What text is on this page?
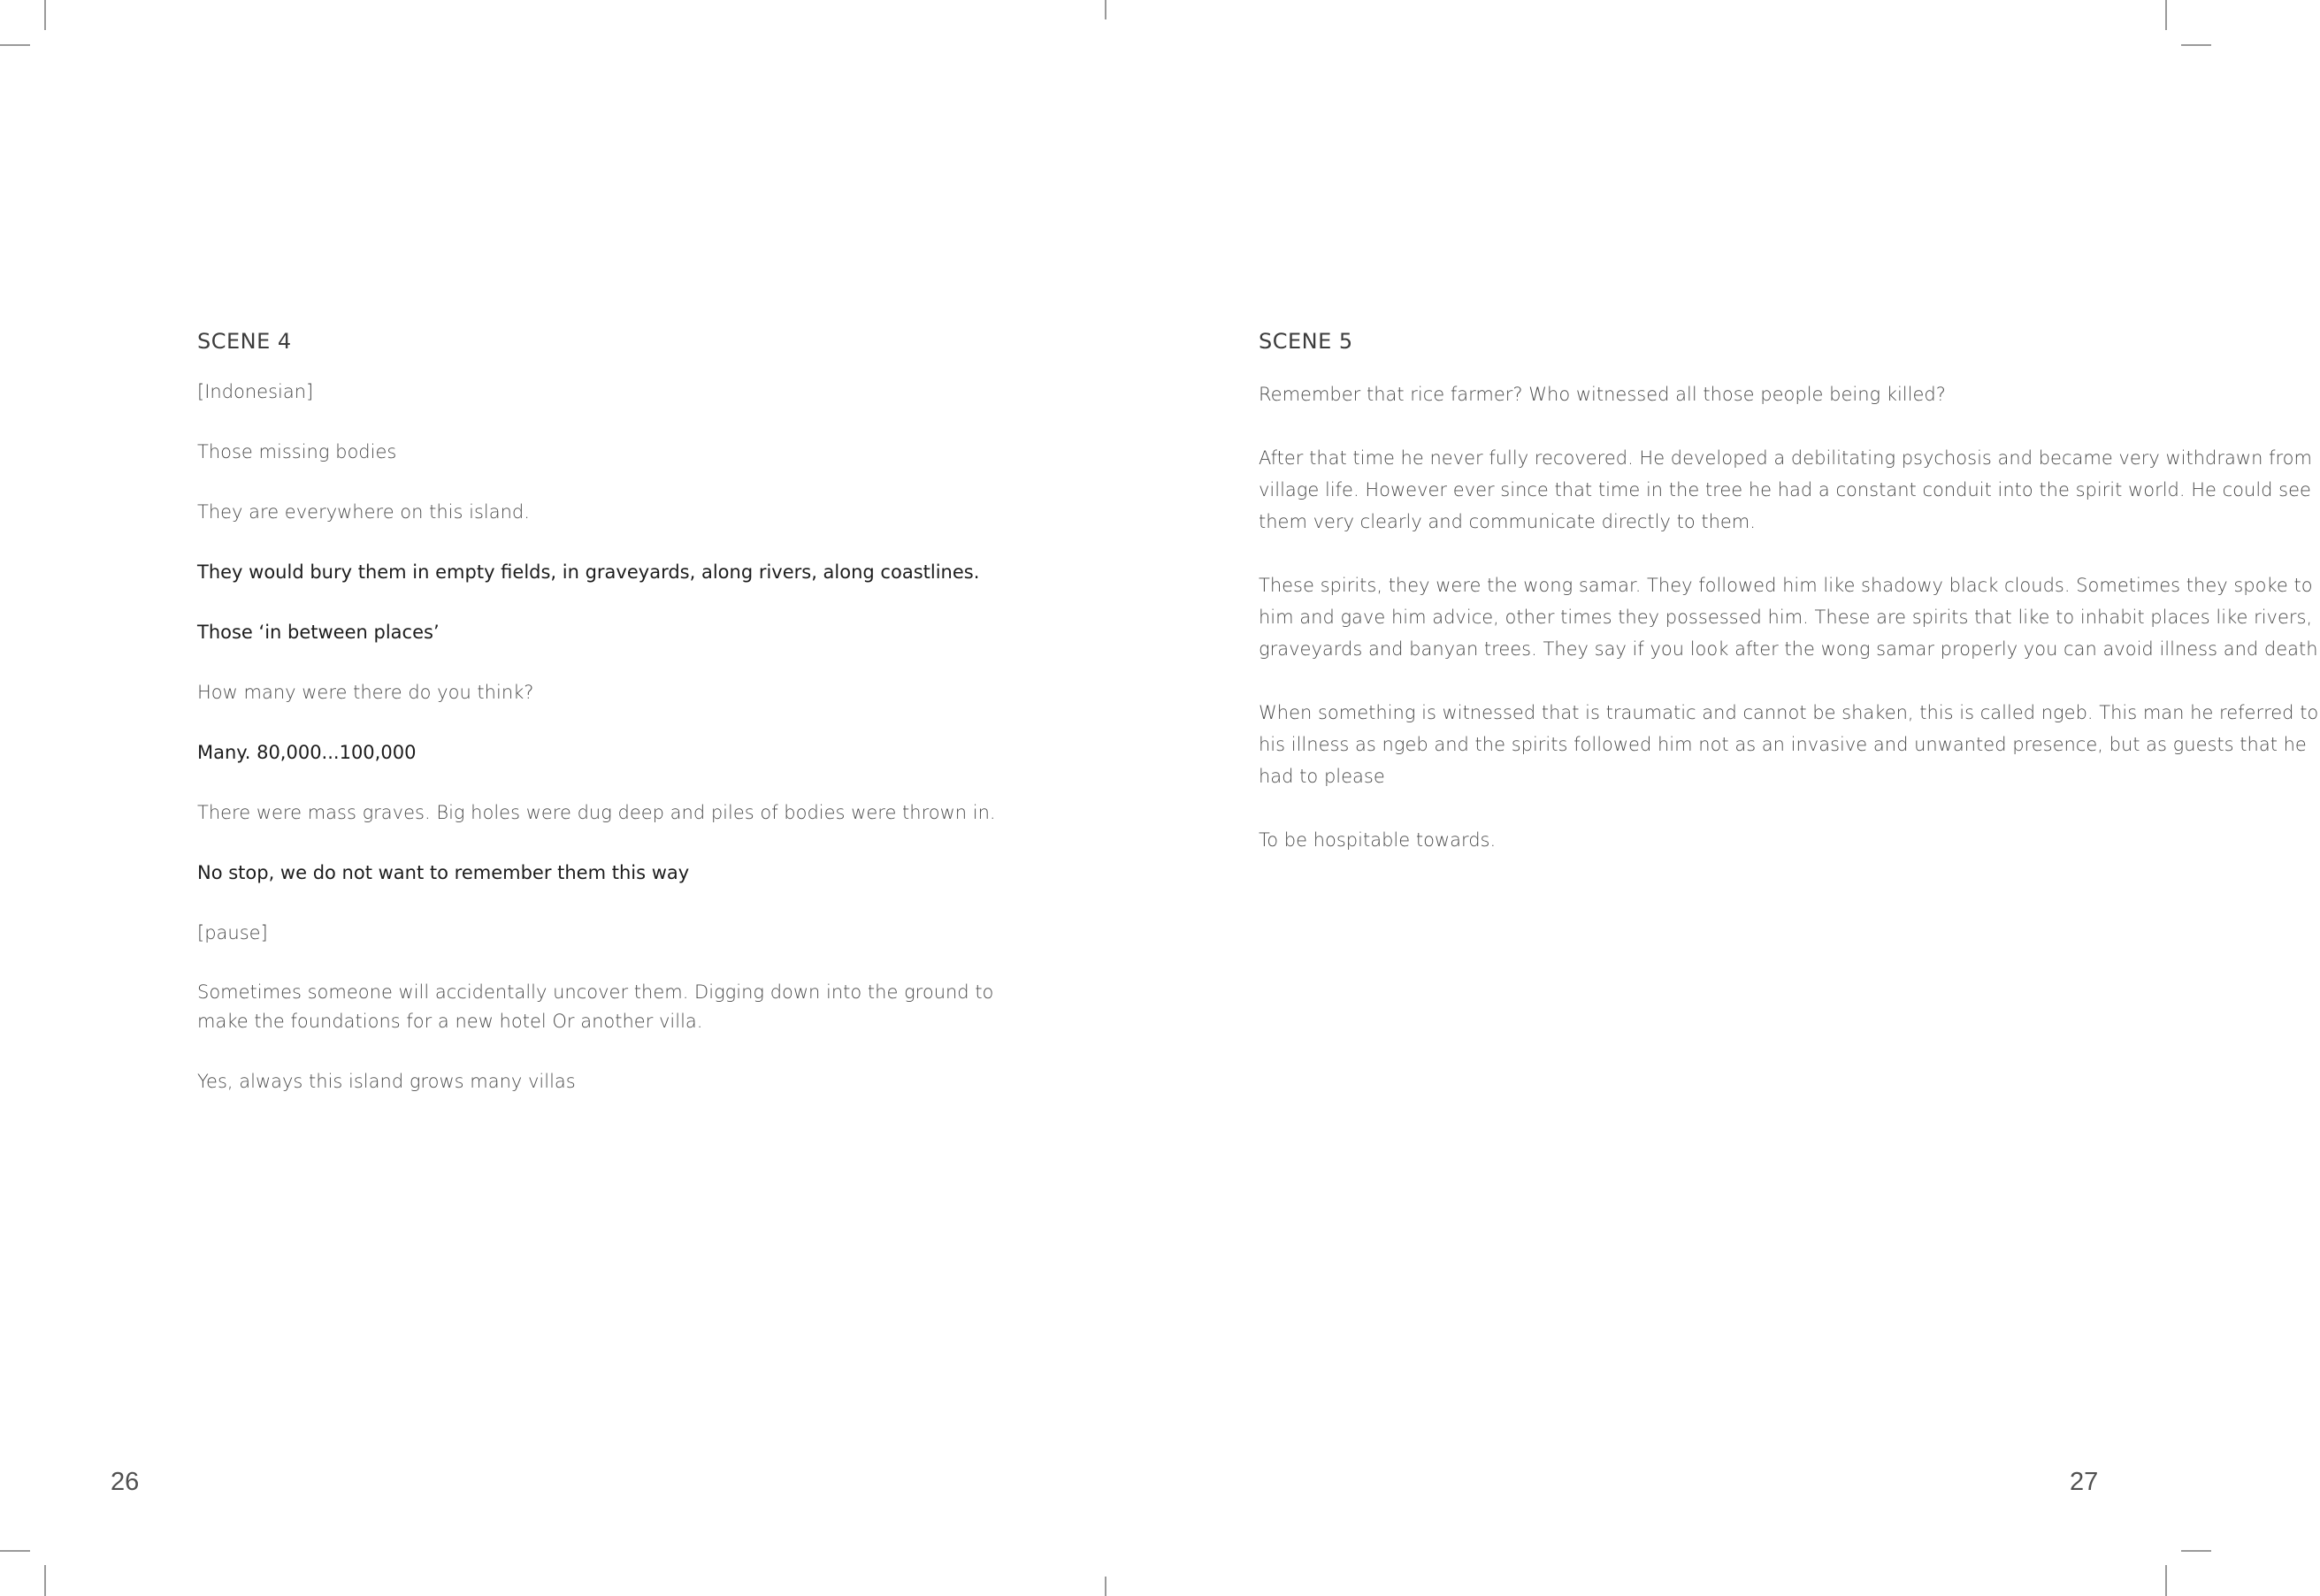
SCENE 4

[Indonesian]

Those missing bodies

They are everywhere on this island.

They would bury them in empty fields, in graveyards, along rivers, along coastlines.

Those ‘in between places’

How many were there do you think?

Many. 80,000...100,000

There were mass graves. Big holes were dug deep and piles of bodies were thrown in.

No stop, we do not want to remember them this way

[pause]

Sometimes someone will accidentally uncover them. Digging down into the ground to make the foundations for a new hotel Or another villa.

Yes, always this island grows many villas

26
SCENE 5

Remember that rice farmer? Who witnessed all those people being killed?

After that time he never fully recovered. He developed a debilitating psychosis and became very withdrawn from village life. However ever since that time in the tree he had a constant conduit into the spirit world. He could see them very clearly and communicate directly to them.

These spirits, they were the wong samar. They followed him like shadowy black clouds. Sometimes they spoke to him and gave him advice, other times they possessed him. These are spirits that like to inhabit places like rivers, graveyards and banyan trees. They say if you look after the wong samar properly you can avoid illness and death

When something is witnessed that is traumatic and cannot be shaken, this is called ngeb. This man he referred to his illness as ngeb and the spirits followed him not as an invasive and unwanted presence, but as guests that he had to please

To be hospitable towards.

27
